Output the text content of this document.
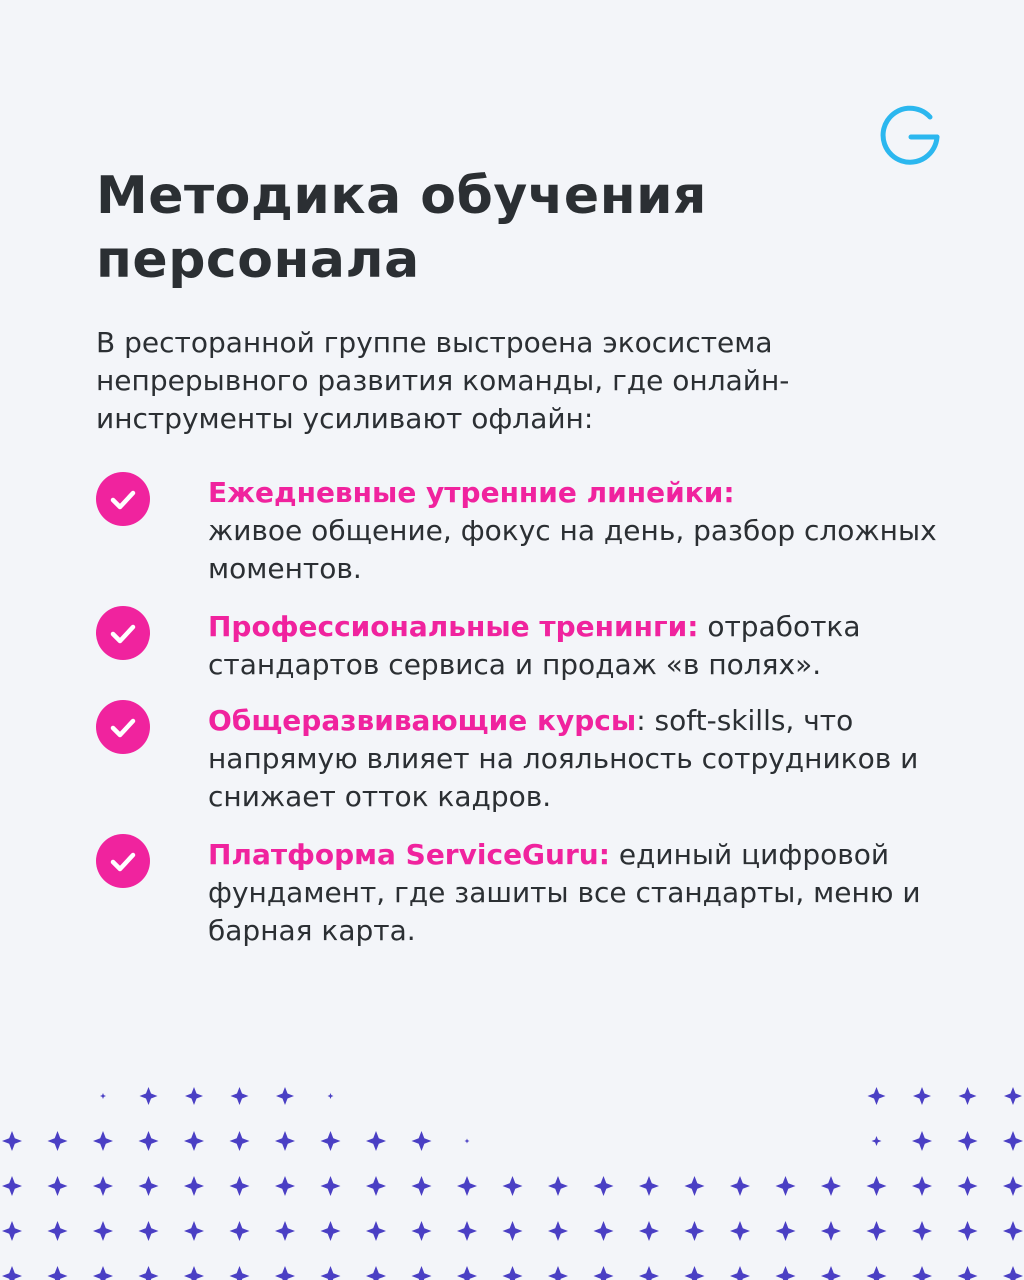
Методика обучения персонала

В ресторанной группе выстроена экосистема непрерывного развития команды, где онлайн-инструменты усиливают офлайн:

Ежедневные утренние линейки:
живое общение, фокус на день, разбор сложных моментов.

Профессиональные тренинги: отработка стандартов сервиса и продаж «в полях».

Общеразвивающие курсы: soft-skills, что напрямую влияет на лояльность сотрудников и снижает отток кадров.

Платформа ServiceGuru: единый цифровой фундамент, где зашиты все стандарты, меню и барная карта.
